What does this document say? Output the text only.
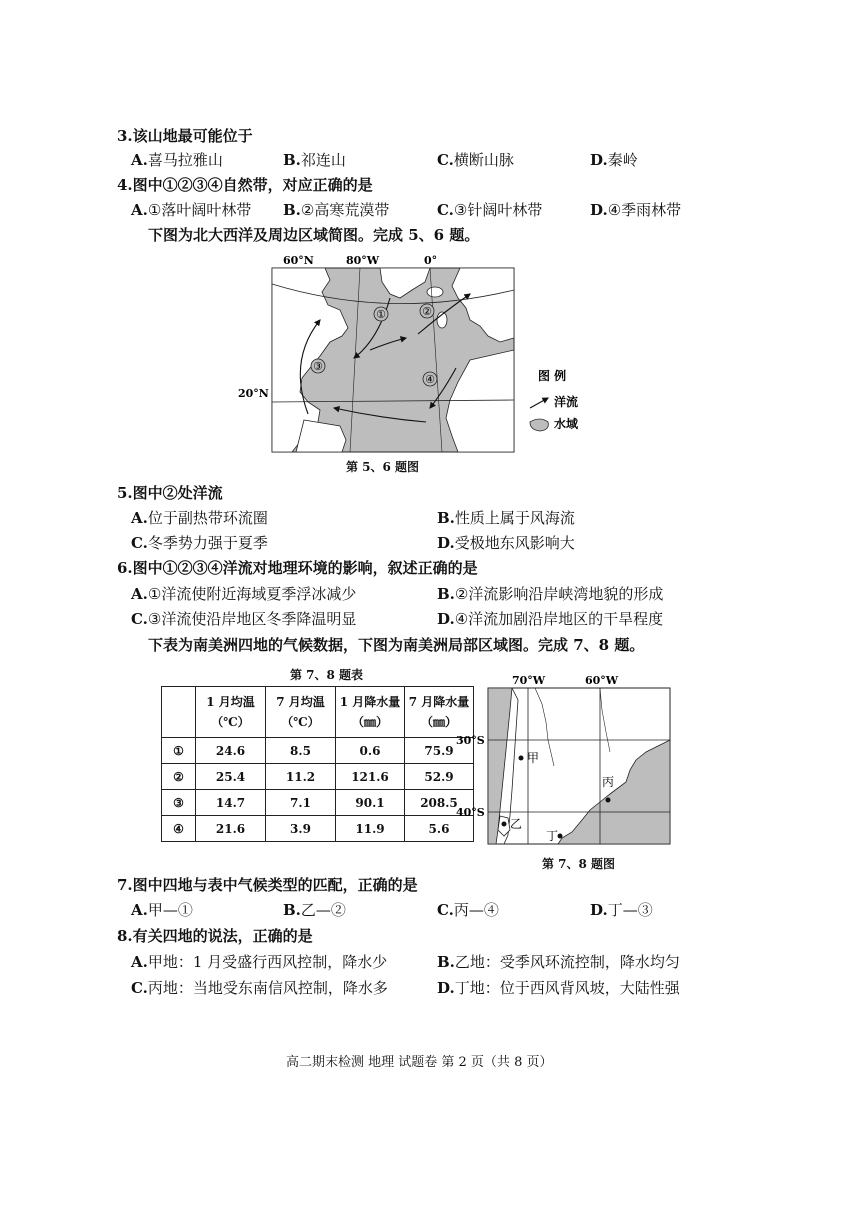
3.该山地最可能位于
A.喜马拉雅山	B.祁连山	C.横断山脉	D.秦岭
4.图中①②③④自然带，对应正确的是
A.①落叶阔叶林带 B.②高寒荒漠带	C.③针阔叶林带	D.④季雨林带
下图为北大西洋及周边区域简图。完成 5、6 题。
①	②
③
④
60°N	80°W	0°
20°N
图 例
洋流
水域
第 5、6 题图
5.图中②处洋流
A.位于副热带环流圈	B.性质上属于风海流
C.冬季势力强于夏季	D.受极地东风影响大
6.图中①②③④洋流对地理环境的影响，叙述正确的是
A.①洋流使附近海域夏季浮冰减少	B.②洋流影响沿岸峡湾地貌的形成
C.③洋流使沿岸地区冬季降温明显	D.④洋流加剧沿岸地区的干旱程度
下表为南美洲四地的气候数据，下图为南美洲局部区域图。完成 7、8 题。
第 7、8 题表
	1 月均温（℃）	7 月均温（℃）	1 月降水量（㎜）	7 月降水量（㎜）
①	24.6	8.5	0.6	75.9
②	25.4	11.2	121.6	52.9
③	14.7	7.1	90.1	208.5
④	21.6	3.9	11.9	5.6
甲
乙
丙
丁
70°W	60°W
30°S
40°S
第 7、8 题图
7.图中四地与表中气候类型的匹配，正确的是
A.甲—①	B.乙—②	C.丙—④	D.丁—③
8.有关四地的说法，正确的是
A.甲地：1 月受盛行西风控制，降水少	B.乙地：受季风环流控制，降水均匀
C.丙地：当地受东南信风控制，降水多	D.丁地：位于西风背风坡，大陆性强
高二期末检测 地理 试题卷 第 2 页（共 8 页）
